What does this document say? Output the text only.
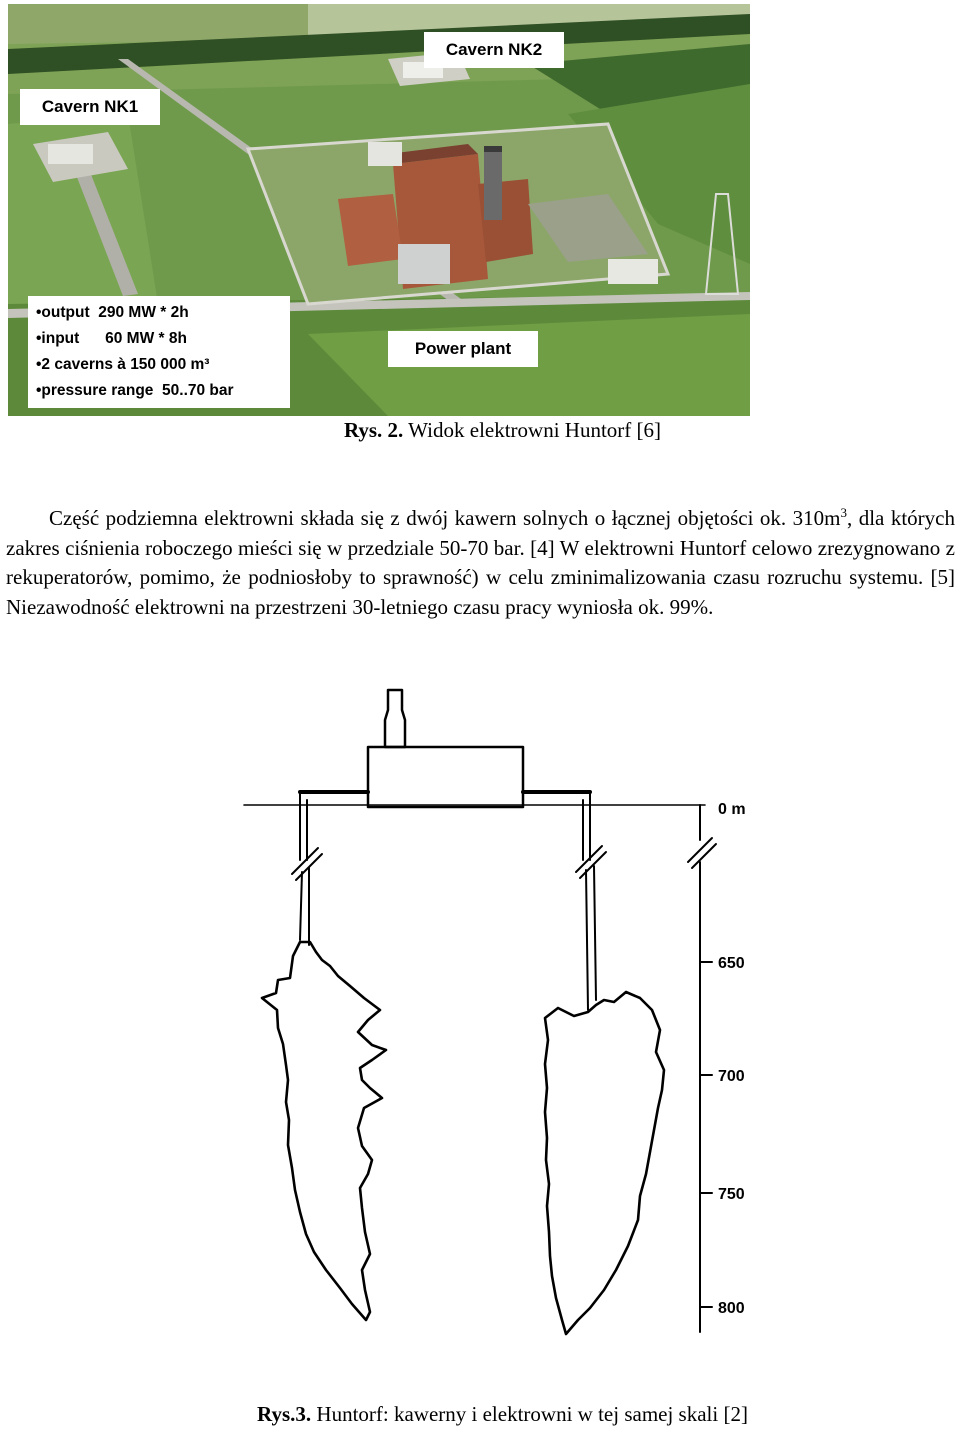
Cavern NK1
Cavern NK2
Power plant
•output  290 MW * 2h
•input      60 MW * 8h
•2 caverns à 150 000 m³
•pressure range  50..70 bar
Rys. 2. Widok elektrowni Huntorf [6]
Część podziemna elektrowni składa się z dwój kawern solnych o łącznej objętości ok. $310m^3$, dla których zakres ciśnienia roboczego mieści się w przedziale 50-70 bar. [4] W elektrowni Huntorf celowo zrezygnowano z rekuperatorów, pomimo, że podniosłoby to sprawność) w celu zminimalizowania czasu rozruchu systemu. [5] Niezawodność elektrowni na przestrzeni 30-letniego czasu pracy wyniosła ok. 99%.
0 m
650
700
750
800
Rys.3. Huntorf: kawerny i elektrowni w tej samej skali [2]
